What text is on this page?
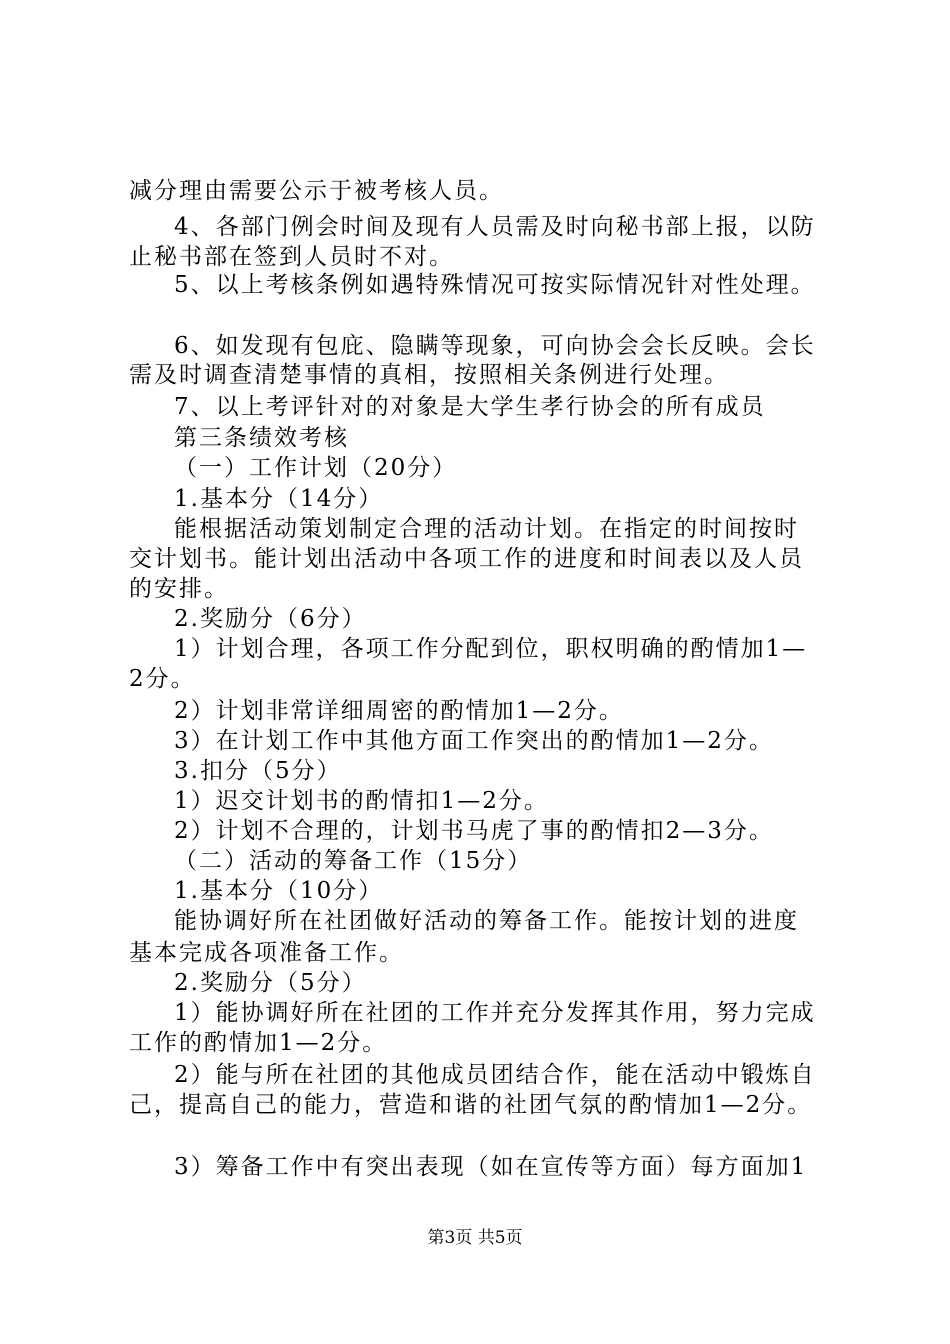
减分理由需要公示于被考核人员。
4、各部门例会时间及现有人员需及时向秘书部上报，以防
止秘书部在签到人员时不对。
5、以上考核条例如遇特殊情况可按实际情况针对性处理。
6、如发现有包庇、隐瞒等现象，可向协会会长反映。会长
需及时调查清楚事情的真相，按照相关条例进行处理。
7、以上考评针对的对象是大学生孝行协会的所有成员
第三条绩效考核
（一）工作计划（20分）
1.基本分（14分）
能根据活动策划制定合理的活动计划。在指定的时间按时
交计划书。能计划出活动中各项工作的进度和时间表以及人员
的安排。
2.奖励分（6分）
1）计划合理，各项工作分配到位，职权明确的酌情加1—
2分。
2）计划非常详细周密的酌情加1—2分。
3）在计划工作中其他方面工作突出的酌情加1—2分。
3.扣分（5分）
1）迟交计划书的酌情扣1—2分。
2）计划不合理的，计划书马虎了事的酌情扣2—3分。
（二）活动的筹备工作（15分）
1.基本分（10分）
能协调好所在社团做好活动的筹备工作。能按计划的进度
基本完成各项准备工作。
2.奖励分（5分）
1）能协调好所在社团的工作并充分发挥其作用，努力完成
工作的酌情加1—2分。
2）能与所在社团的其他成员团结合作，能在活动中锻炼自
己，提高自己的能力，营造和谐的社团气氛的酌情加1—2分。
3）筹备工作中有突出表现（如在宣传等方面）每方面加1
第3页 共5页
